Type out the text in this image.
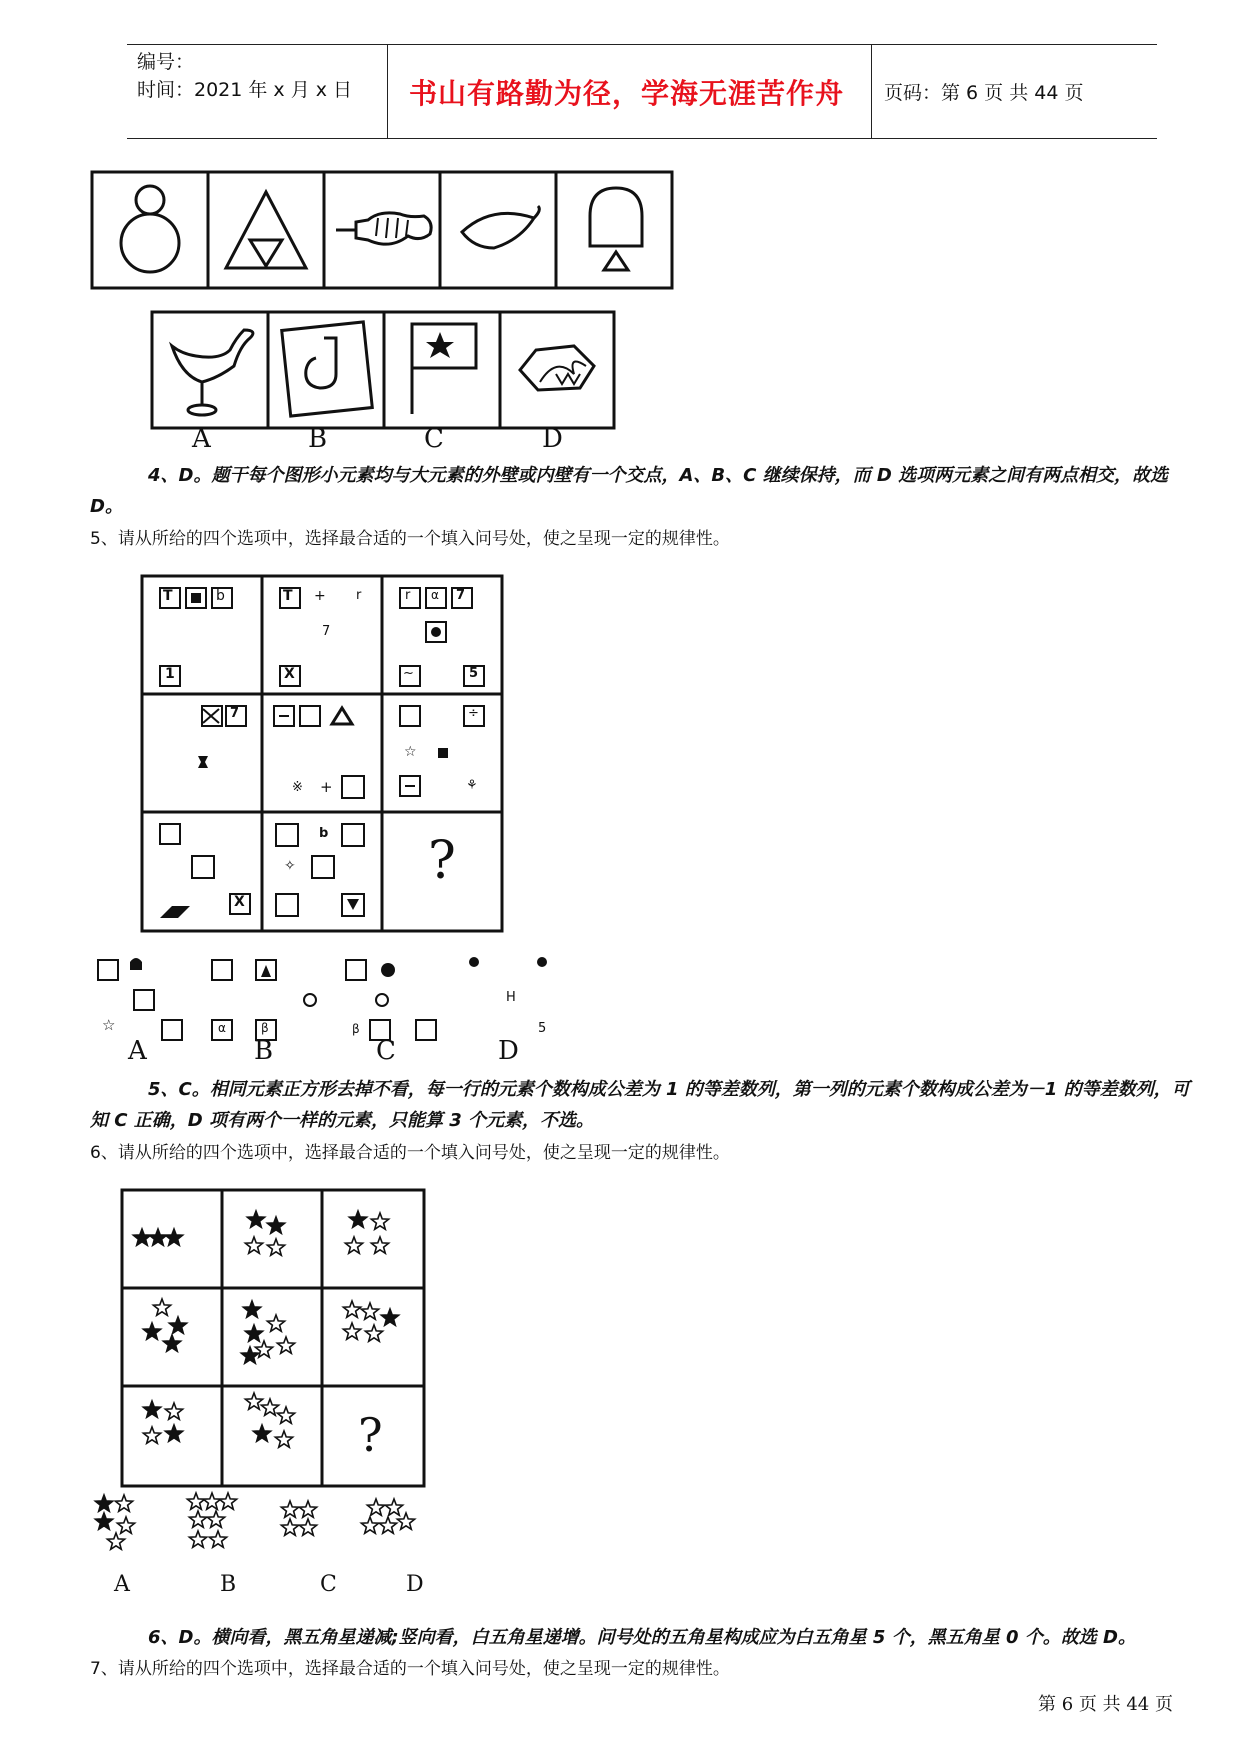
编号：
时间：2021 年 x 月 x 日 书山有路勤为径，学海无涯苦作舟 页码：第 6 页 共 44 页
A	B	C	D
4、D。题干每个图形小元素均与大元素的外壁或内壁有一个交点，A、B、C 继续保持，而 D 选项两元素之间有两点相交，故选 D。
5、请从所给的四个选项中，选择最合适的一个填入问号处，使之呈现一定的规律性。
T	b
1
T + r
7
X
r α 7
~	5
7
※ +
÷
☆
⚘
X
b
✧	?
☆	α	β	β
H
5
A	B	C	D
5、C。相同元素正方形去掉不看，每一行的元素个数构成公差为 1 的等差数列，第一列的元素个数构成公差为－1 的等差数列，可知 C 正确，D 项有两个一样的元素，只能算 3 个元素，不选。
6、请从所给的四个选项中，选择最合适的一个填入问号处，使之呈现一定的规律性。
?
A	B	C	D
6、D。横向看，黑五角星递减;竖向看，白五角星递增。问号处的五角星构成应为白五角星 5 个，黑五角星 0 个。故选 D。
7、请从所给的四个选项中，选择最合适的一个填入问号处，使之呈现一定的规律性。
第 6 页 共 44 页
